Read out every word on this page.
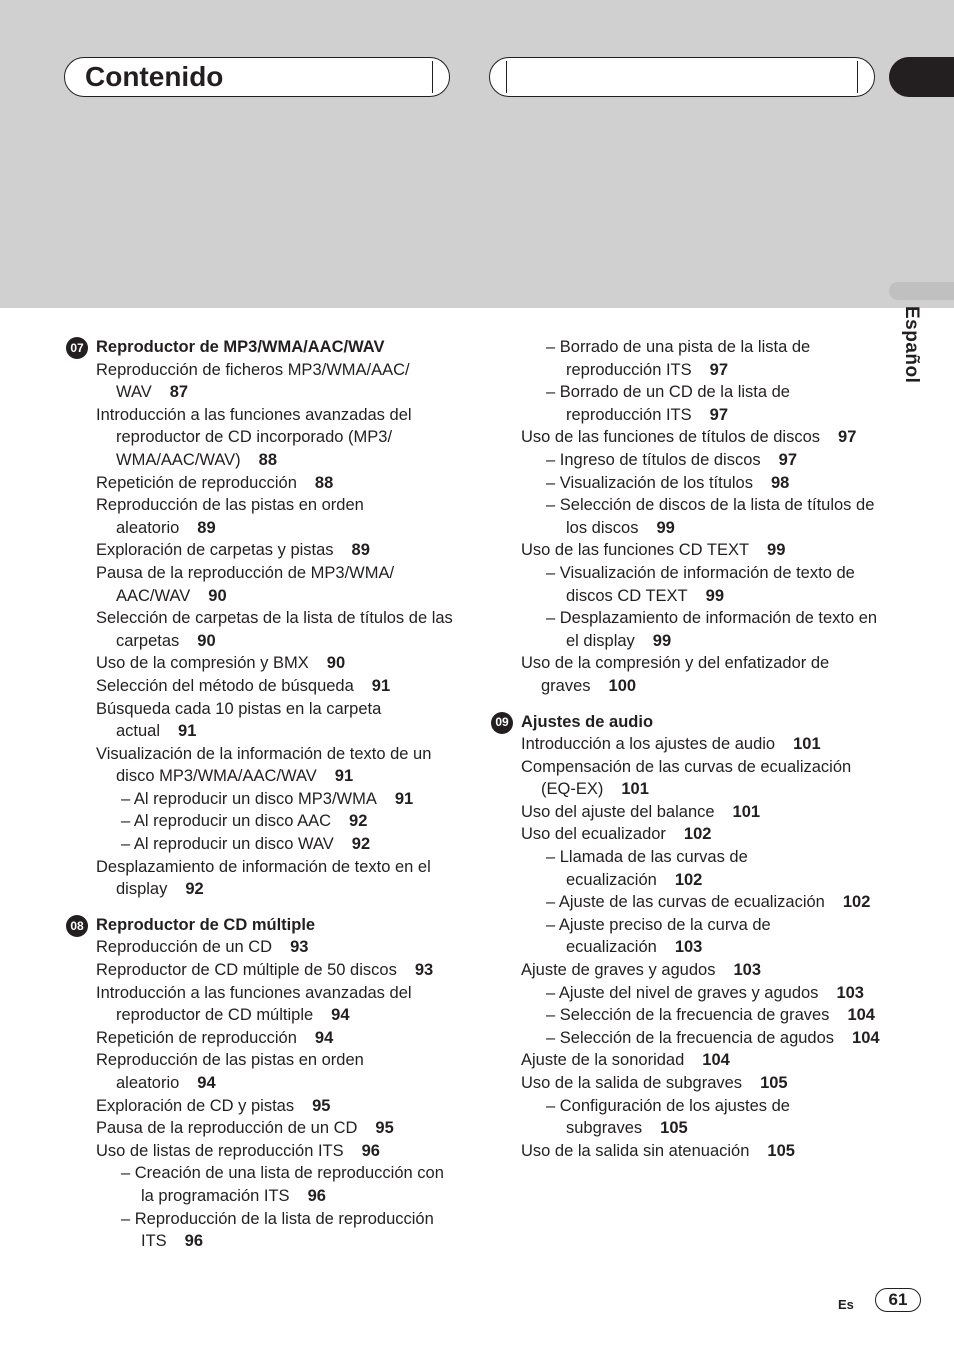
Contenido
Español
07 Reproductor de MP3/WMA/AAC/WAV
Reproducción de ficheros MP3/WMA/AAC/ WAV 87
Introducción a las funciones avanzadas del reproductor de CD incorporado (MP3/ WMA/AAC/WAV) 88
Repetición de reproducción 88
Reproducción de las pistas en orden aleatorio 89
Exploración de carpetas y pistas 89
Pausa de la reproducción de MP3/WMA/ AAC/WAV 90
Selección de carpetas de la lista de títulos de las carpetas 90
Uso de la compresión y BMX 90
Selección del método de búsqueda 91
Búsqueda cada 10 pistas en la carpeta actual 91
Visualización de la información de texto de un disco MP3/WMA/AAC/WAV 91
– Al reproducir un disco MP3/WMA 91
– Al reproducir un disco AAC 92
– Al reproducir un disco WAV 92
Desplazamiento de información de texto en el display 92
08 Reproductor de CD múltiple
Reproducción de un CD 93
Reproductor de CD múltiple de 50 discos 93
Introducción a las funciones avanzadas del reproductor de CD múltiple 94
Repetición de reproducción 94
Reproducción de las pistas en orden aleatorio 94
Exploración de CD y pistas 95
Pausa de la reproducción de un CD 95
Uso de listas de reproducción ITS 96
– Creación de una lista de reproducción con la programación ITS 96
– Reproducción de la lista de reproducción ITS 96
– Borrado de una pista de la lista de reproducción ITS 97
– Borrado de un CD de la lista de reproducción ITS 97
Uso de las funciones de títulos de discos 97
– Ingreso de títulos de discos 97
– Visualización de los títulos 98
– Selección de discos de la lista de títulos de los discos 99
Uso de las funciones CD TEXT 99
– Visualización de información de texto de discos CD TEXT 99
– Desplazamiento de información de texto en el display 99
Uso de la compresión y del enfatizador de graves 100
09 Ajustes de audio
Introducción a los ajustes de audio 101
Compensación de las curvas de ecualización (EQ-EX) 101
Uso del ajuste del balance 101
Uso del ecualizador 102
– Llamada de las curvas de ecualización 102
– Ajuste de las curvas de ecualización 102
– Ajuste preciso de la curva de ecualización 103
Ajuste de graves y agudos 103
– Ajuste del nivel de graves y agudos 103
– Selección de la frecuencia de graves 104
– Selección de la frecuencia de agudos 104
Ajuste de la sonoridad 104
Uso de la salida de subgraves 105
– Configuración de los ajustes de subgraves 105
Uso de la salida sin atenuación 105
Es	61
